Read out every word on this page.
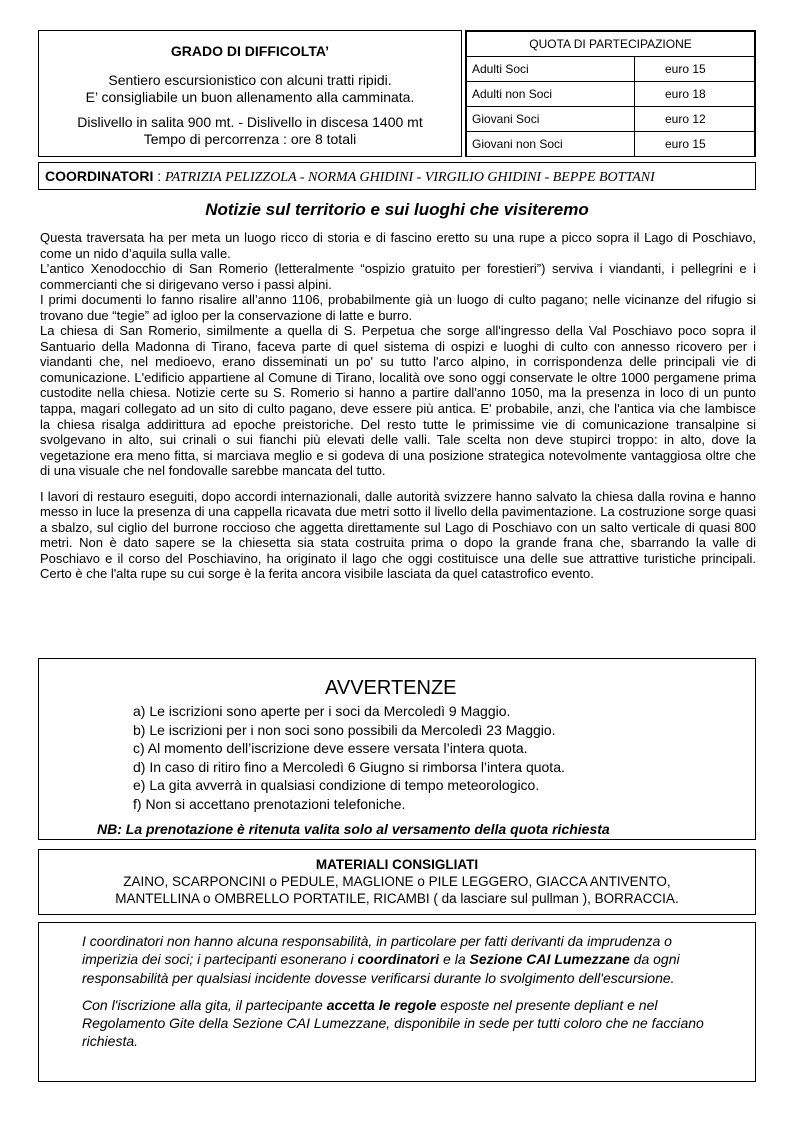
GRADO DI DIFFICOLTA’
Sentiero escursionistico con alcuni tratti ripidi.
E’ consigliabile un buon allenamento alla camminata.
Dislivello in salita 900 mt. - Dislivello in discesa 1400 mt
Tempo di percorrenza : ore 8 totali
QUOTA DI PARTECIPAZIONE	
Adulti Soci	euro 15
Adulti non Soci	euro 18
Giovani Soci	euro 12
Giovani non Soci	euro 15
COORDINATORI : PATRIZIA PELIZZOLA - NORMA GHIDINI - VIRGILIO GHIDINI - BEPPE BOTTANI
Notizie sul territorio e sui luoghi che visiteremo

Questa traversata ha per meta un luogo ricco di storia e di fascino eretto su una rupe a picco sopra il Lago di Poschiavo, come un nido d’aquila sulla valle.

L’antico Xenodocchio di San Romerio (letteralmente “ospizio gratuito per forestieri”) serviva i viandanti, i pellegrini e i commercianti che si dirigevano verso i passi alpini.

I primi documenti lo fanno risalire all’anno 1106, probabilmente già un luogo di culto pagano; nelle vicinanze del rifugio si trovano due “tegie” ad igloo per la conservazione di latte e burro.

La chiesa di San Romerio, similmente a quella di S. Perpetua che sorge all'ingresso della Val Poschiavo poco sopra il Santuario della Madonna di Tirano, faceva parte di quel sistema di ospizi e luoghi di culto con annesso ricovero per i viandanti che, nel medioevo, erano disseminati un po' su tutto l'arco alpino, in corrispondenza delle principali vie di comunicazione. L'edificio appartiene al Comune di Tirano, località ove sono oggi conservate le oltre 1000 pergamene prima custodite nella chiesa. Notizie certe su S. Romerio si hanno a partire dall'anno 1050, ma la presenza in loco di un punto tappa, magari collegato ad un sito di culto pagano, deve essere più antica. E' probabile, anzi, che l'antica via che lambisce la chiesa risalga addirittura ad epoche preistoriche. Del resto tutte le primissime vie di comunicazione transalpine si svolgevano in alto, sui crinali o sui fianchi più elevati delle valli. Tale scelta non deve stupirci troppo: in alto, dove la vegetazione era meno fitta, si marciava meglio e si godeva di una posizione strategica notevolmente vantaggiosa oltre che di una visuale che nel fondovalle sarebbe mancata del tutto.

I lavori di restauro eseguiti, dopo accordi internazionali, dalle autorità svizzere hanno salvato la chiesa dalla rovina e hanno messo in luce la presenza di una cappella ricavata due metri sotto il livello della pavimentazione. La costruzione sorge quasi a sbalzo, sul ciglio del burrone roccioso che aggetta direttamente sul Lago di Poschiavo con un salto verticale di quasi 800 metri. Non è dato sapere se la chiesetta sia stata costruita prima o dopo la grande frana che, sbarrando la valle di Poschiavo e il corso del Poschiavino, ha originato il lago che oggi costituisce una delle sue attrattive turistiche principali. Certo è che l'alta rupe su cui sorge è la ferita ancora visibile lasciata da quel catastrofico evento.

AVVERTENZE
a) Le iscrizioni sono aperte per i soci da Mercoledì 9 Maggio.
b) Le iscrizioni per i non soci sono possibili da Mercoledì 23 Maggio.
c) Al momento dell’iscrizione deve essere versata l’intera quota.
d) In caso di ritiro fino a Mercoledì 6 Giugno si rimborsa l’intera quota.
e) La gita avverrà in qualsiasi condizione di tempo meteorologico.
f) Non si accettano prenotazioni telefoniche.
NB: La prenotazione è ritenuta valita solo al versamento della quota richiesta
MATERIALI CONSIGLIATI
ZAINO, SCARPONCINI o PEDULE, MAGLIONE o PILE LEGGERO, GIACCA ANTIVENTO,
MANTELLINA o OMBRELLO PORTATILE, RICAMBI ( da lasciare sul pullman ), BORRACCIA.

I coordinatori non hanno alcuna responsabilità, in particolare per fatti derivanti da imprudenza o imperizia dei soci; i partecipanti esonerano i coordinatori e la Sezione CAI Lumezzane da ogni responsabilità per qualsiasi incidente dovesse verificarsi durante lo svolgimento dell'escursione.

Con l'iscrizione alla gita, il partecipante accetta le regole esposte nel presente depliant e nel Regolamento Gite della Sezione CAI Lumezzane, disponibile in sede per tutti coloro che ne facciano richiesta.
